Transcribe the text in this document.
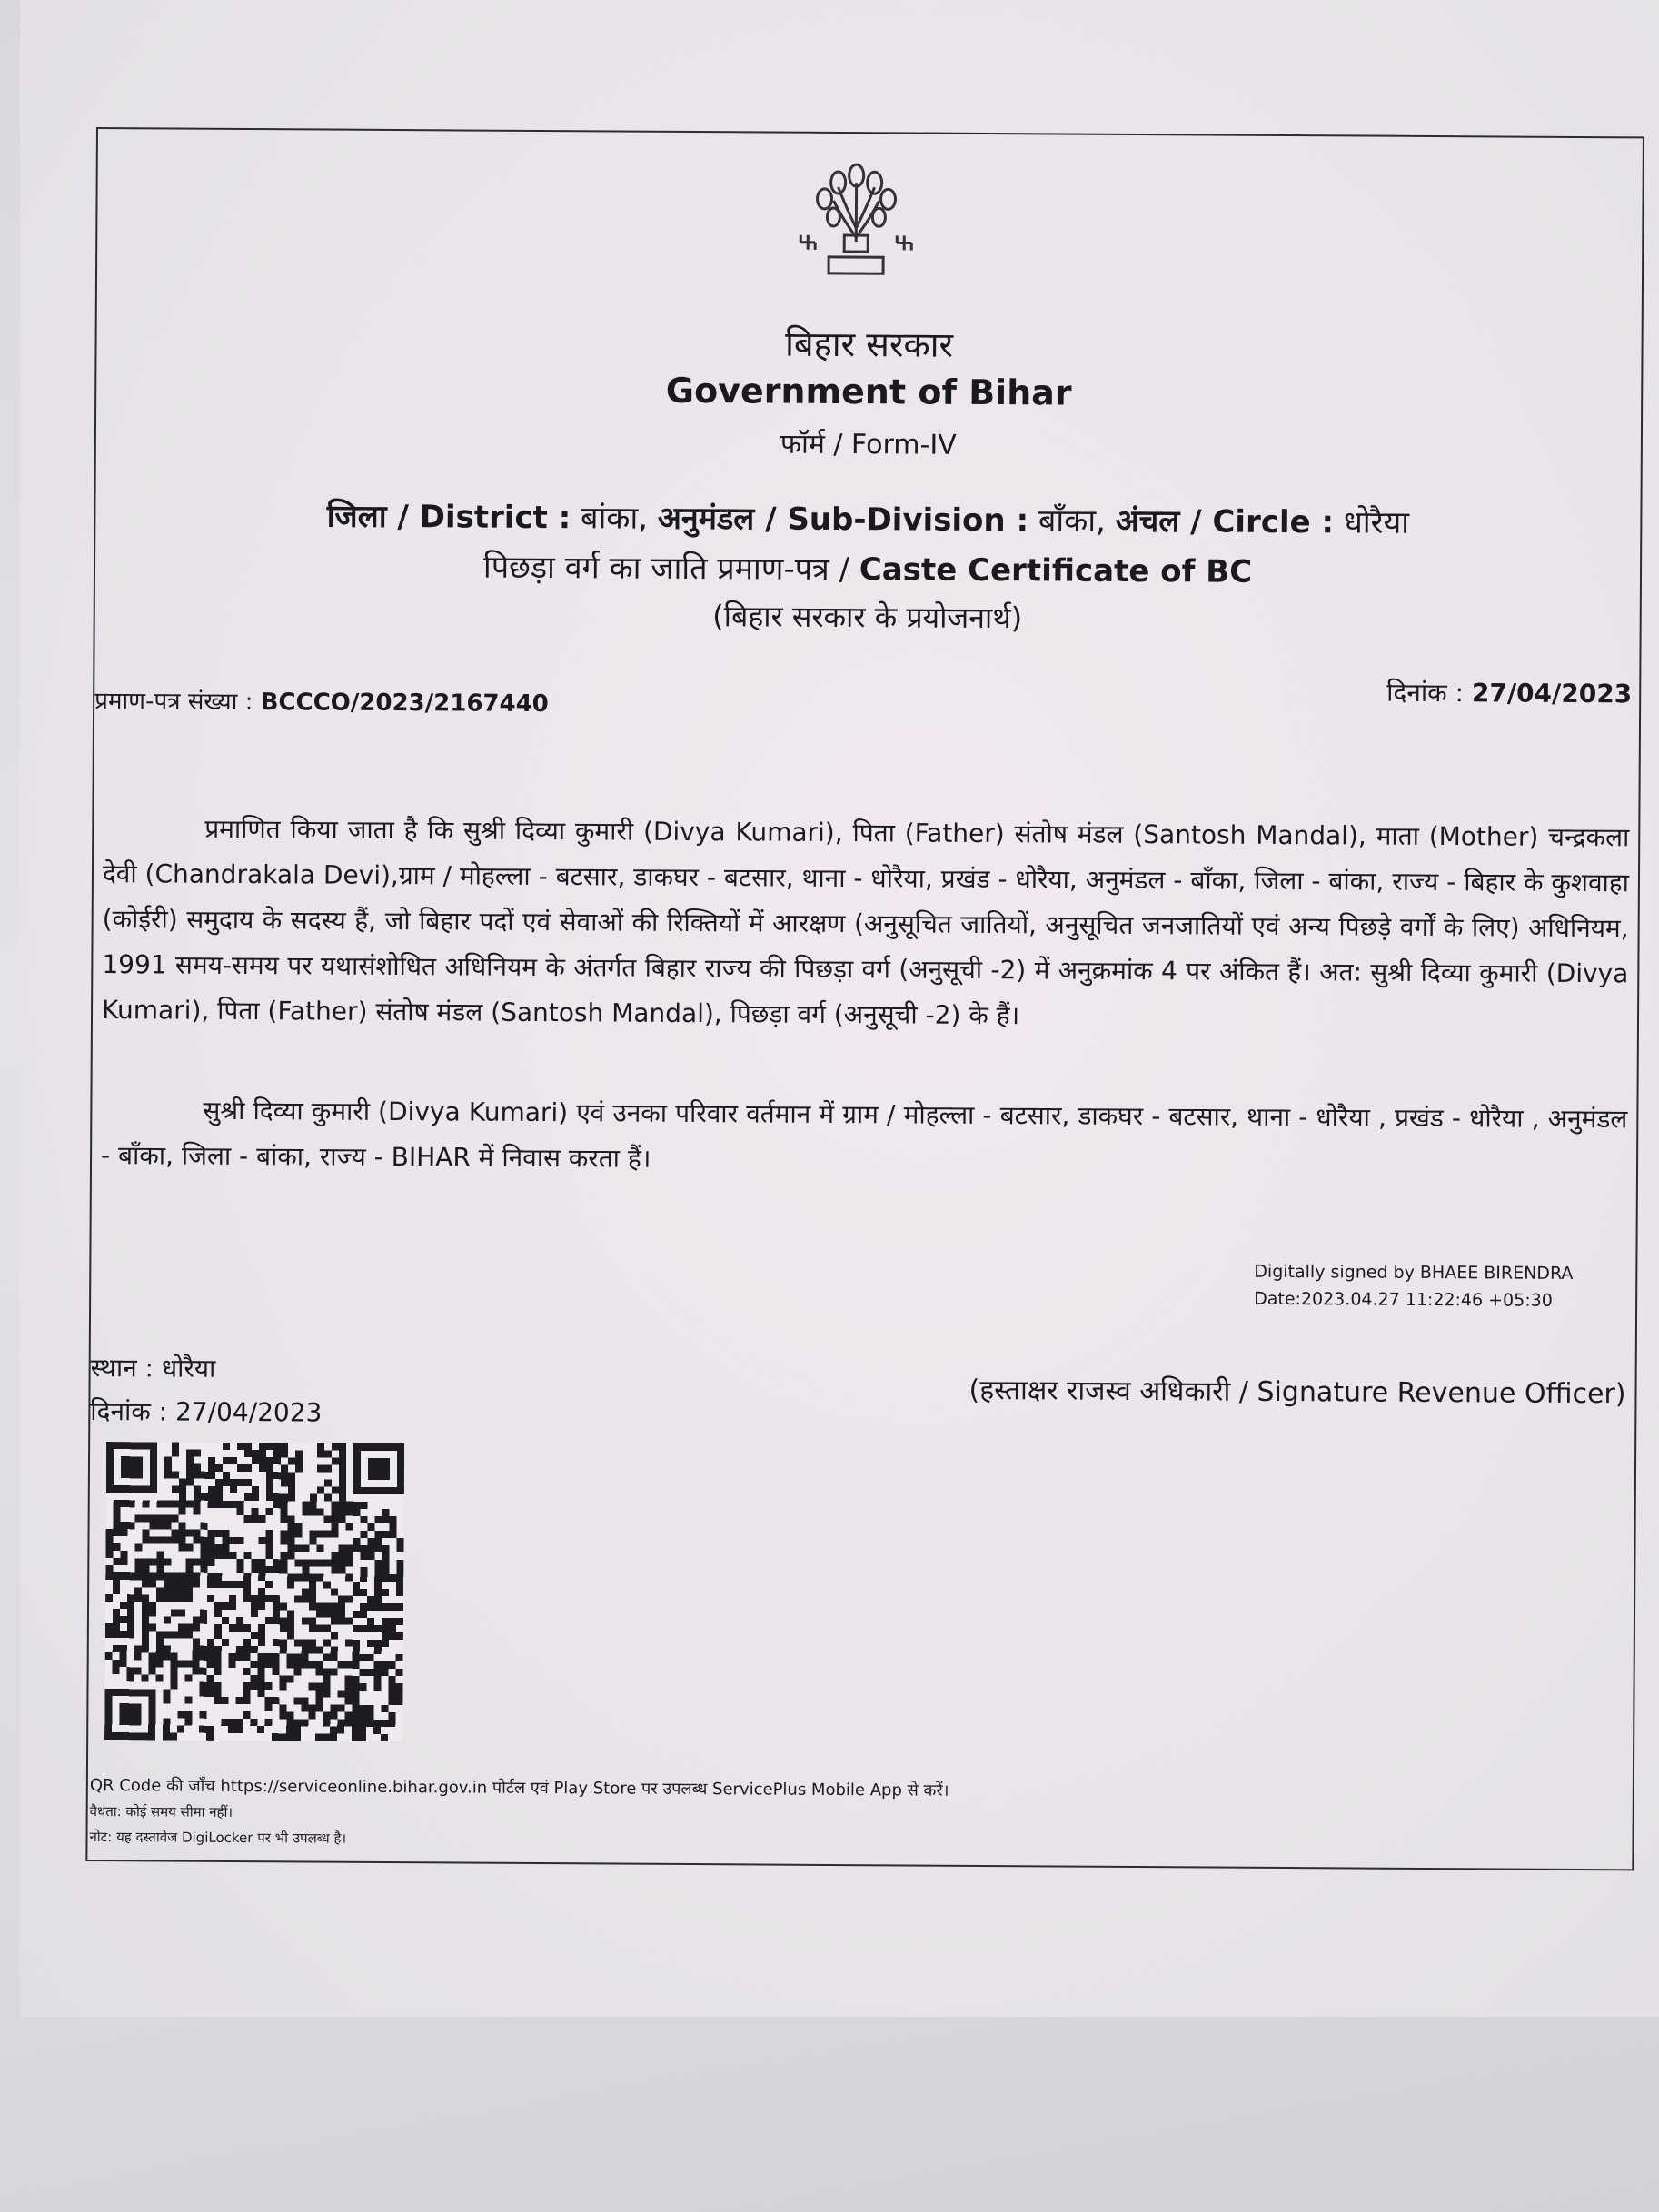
बिहार सरकार
Government of Bihar
फॉर्म / Form-IV
जिला / District : बांका, अनुमंडल / Sub-Division : बाँका, अंचल / Circle : धोरैया
पिछड़ा वर्ग का जाति प्रमाण-पत्र / Caste Certificate of BC
(बिहार सरकार के प्रयोजनार्थ)
प्रमाण-पत्र संख्या : BCCCO/2023/2167440	दिनांक : 27/04/2023

प्रमाणित किया जाता है कि सुश्री दिव्या कुमारी (Divya Kumari), पिता (Father) संतोष मंडल (Santosh Mandal), माता (Mother) चन्द्रकला देवी (Chandrakala Devi),ग्राम / मोहल्ला - बटसार, डाकघर - बटसार, थाना - धोरैया, प्रखंड - धोरैया, अनुमंडल - बाँका, जिला - बांका, राज्य - बिहार के कुशवाहा (कोईरी) समुदाय के सदस्य हैं, जो बिहार पदों एवं सेवाओं की रिक्तियों में आरक्षण (अनुसूचित जातियों, अनुसूचित जनजातियों एवं अन्य पिछड़े वर्गों के लिए) अधिनियम, 1991 समय-समय पर यथासंशोधित अधिनियम के अंतर्गत बिहार राज्य की पिछड़ा वर्ग (अनुसूची -2) में अनुक्रमांक 4 पर अंकित हैं। अत: सुश्री दिव्या कुमारी (Divya Kumari), पिता (Father) संतोष मंडल (Santosh Mandal), पिछड़ा वर्ग (अनुसूची -2) के हैं।

सुश्री दिव्या कुमारी (Divya Kumari) एवं उनका परिवार वर्तमान में ग्राम / मोहल्ला - बटसार, डाकघर - बटसार, थाना - धोरैया , प्रखंड - धोरैया , अनुमंडल - बाँका, जिला - बांका, राज्य - BIHAR में निवास करता हैं।

Digitally signed by BHAEE BIRENDRA
Date:2023.04.27 11:22:46 +05:30
स्थान : धोरैया
दिनांक : 27/04/2023
(हस्ताक्षर राजस्व अधिकारी / Signature Revenue Officer)
QR Code की जाँच https://serviceonline.bihar.gov.in पोर्टल एवं Play Store पर उपलब्ध ServicePlus Mobile App से करें।
वैधता: कोई समय सीमा नहीं।
नोट: यह दस्तावेज DigiLocker पर भी उपलब्ध है।
